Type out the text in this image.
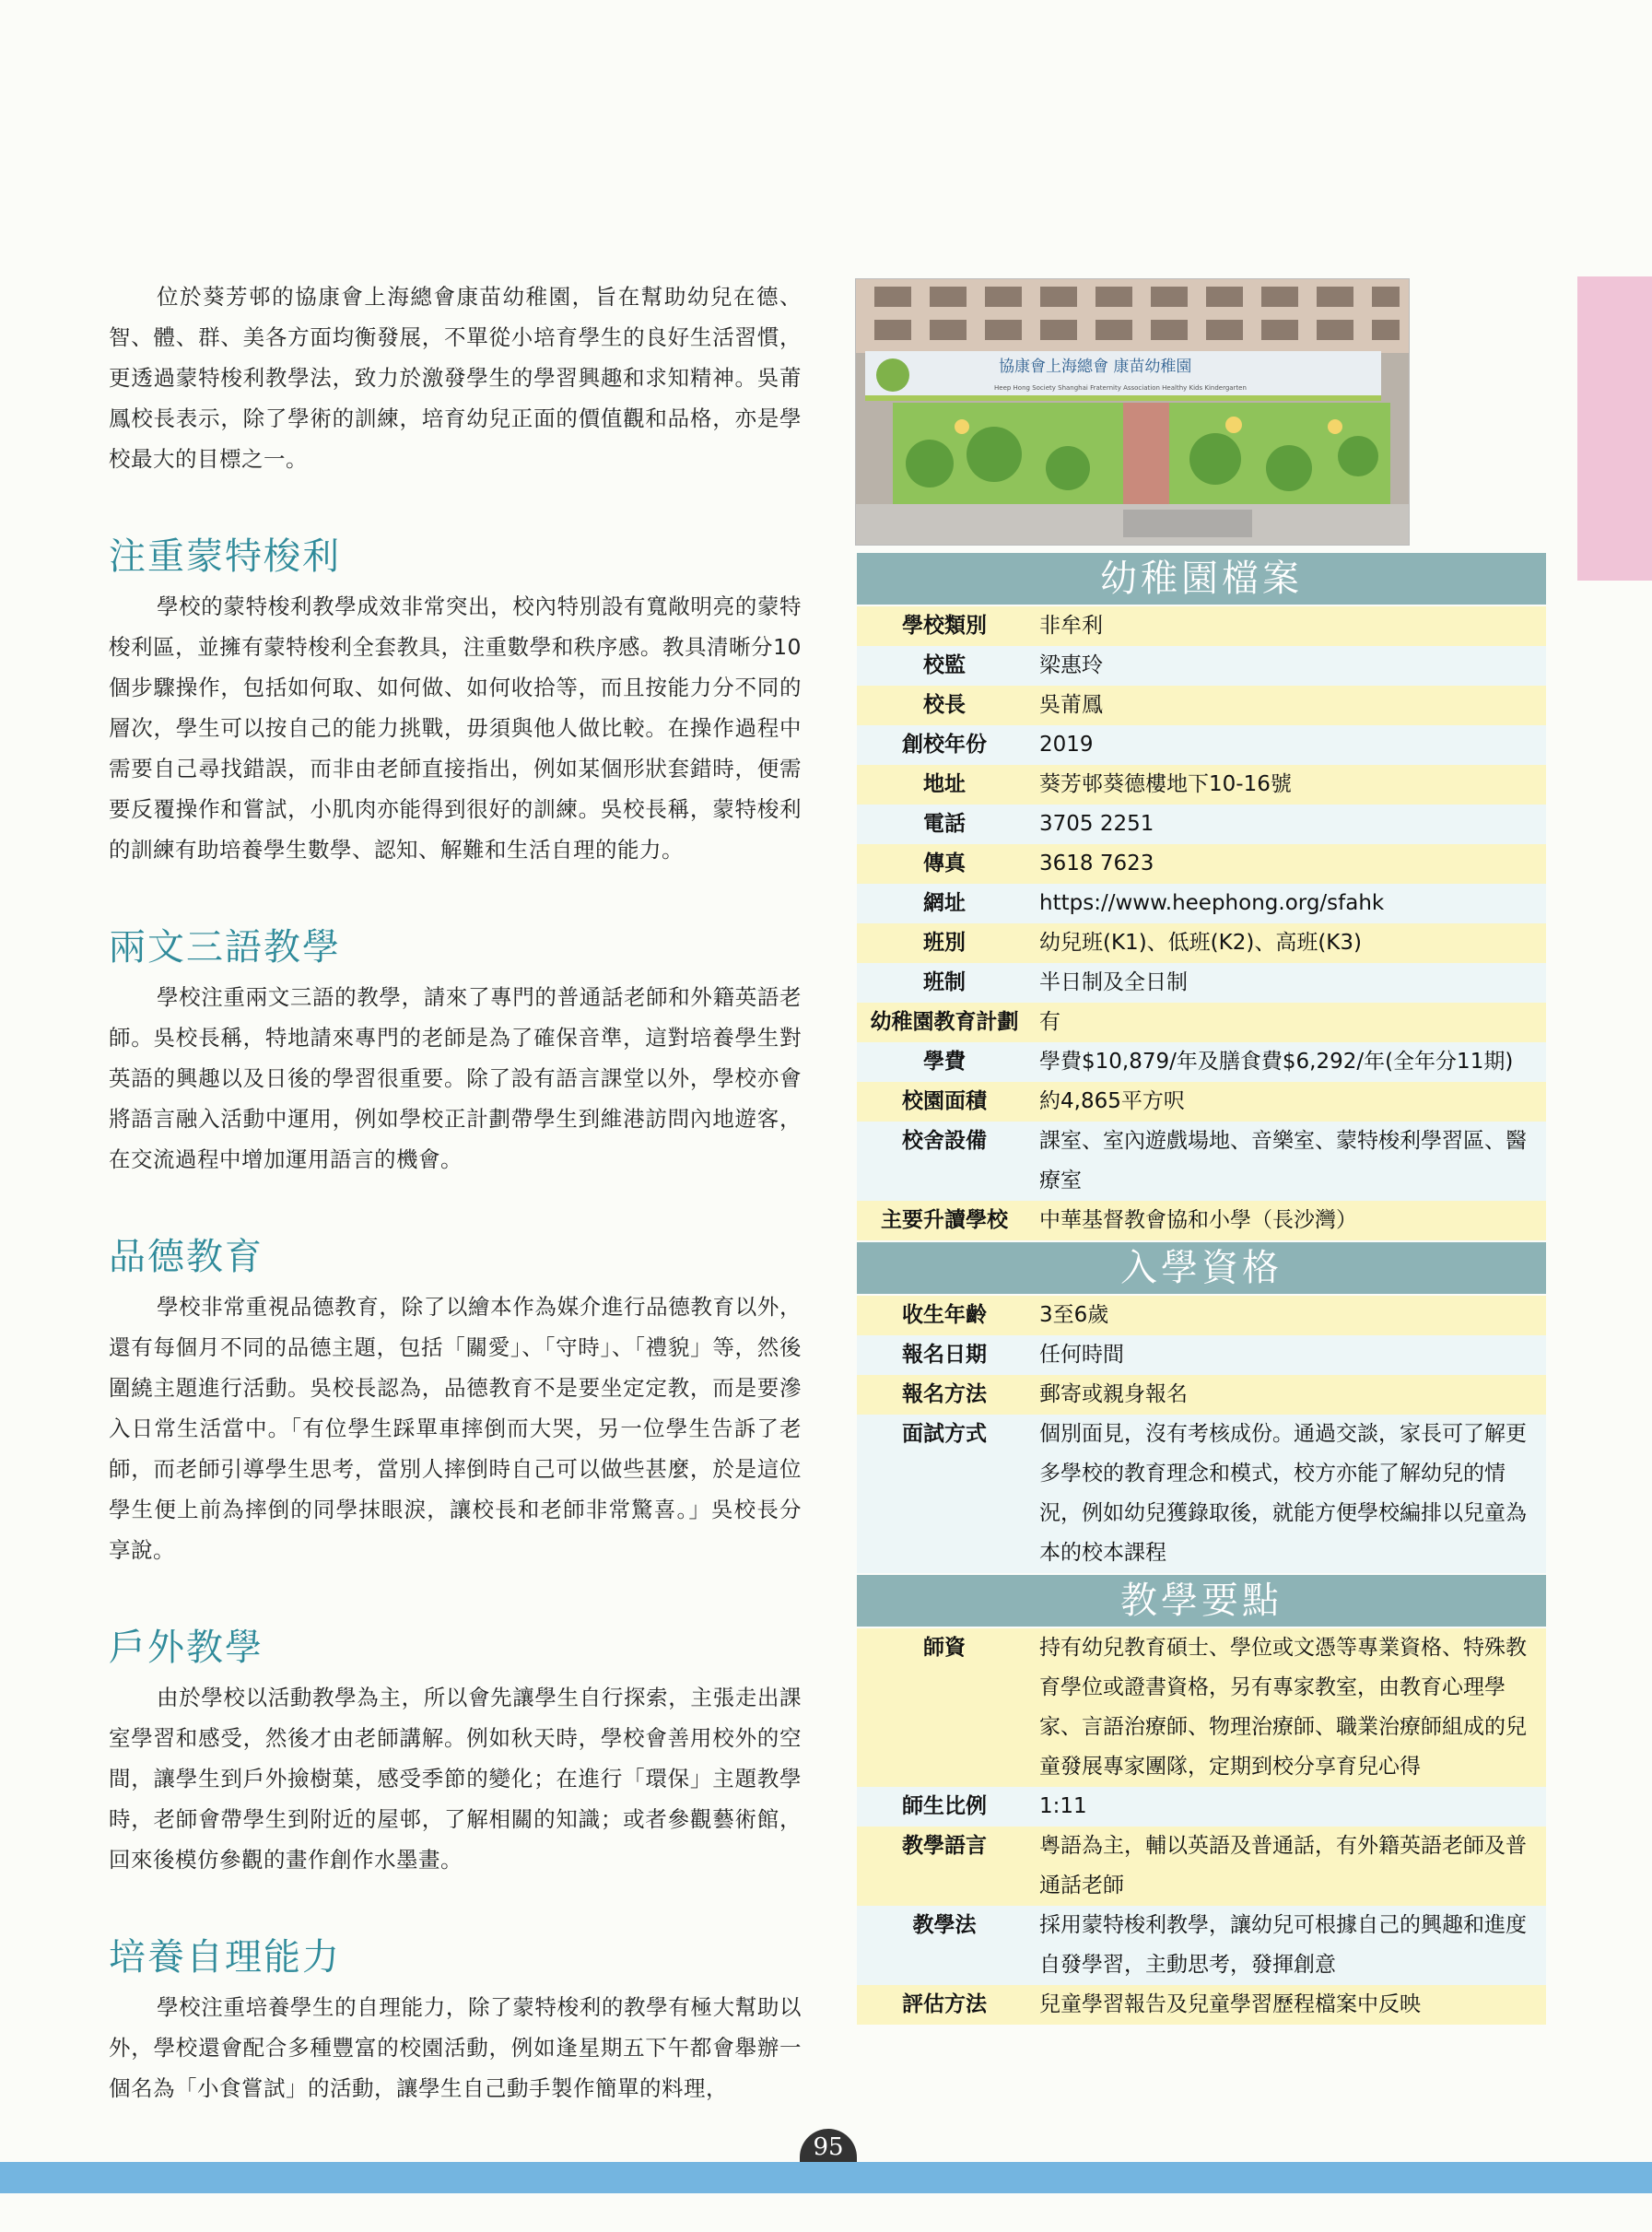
位於葵芳邨的協康會上海總會康苗幼稚園，旨在幫助幼兒在德、智、體、群、美各方面均衡發展，不單從小培育學生的良好生活習慣，更透過蒙特梭利教學法，致力於激發學生的學習興趣和求知精神。吳莆鳳校長表示，除了學術的訓練，培育幼兒正面的價值觀和品格，亦是學校最大的目標之一。

注重蒙特梭利

學校的蒙特梭利教學成效非常突出，校內特別設有寬敞明亮的蒙特梭利區，並擁有蒙特梭利全套教具，注重數學和秩序感。教具清晰分10個步驟操作，包括如何取、如何做、如何收拾等，而且按能力分不同的層次，學生可以按自己的能力挑戰，毋須與他人做比較。在操作過程中需要自己尋找錯誤，而非由老師直接指出，例如某個形狀套錯時，便需要反覆操作和嘗試，小肌肉亦能得到很好的訓練。吳校長稱，蒙特梭利的訓練有助培養學生數學、認知、解難和生活自理的能力。

兩文三語教學

學校注重兩文三語的教學，請來了專門的普通話老師和外籍英語老師。吳校長稱，特地請來專門的老師是為了確保音準，這對培養學生對英語的興趣以及日後的學習很重要。除了設有語言課堂以外，學校亦會將語言融入活動中運用，例如學校正計劃帶學生到維港訪問內地遊客，在交流過程中增加運用語言的機會。

品德教育

學校非常重視品德教育，除了以繪本作為媒介進行品德教育以外，還有每個月不同的品德主題，包括「關愛」、「守時」、「禮貌」等，然後圍繞主題進行活動。吳校長認為，品德教育不是要坐定定教，而是要滲入日常生活當中。「有位學生踩單車摔倒而大哭，另一位學生告訴了老師，而老師引導學生思考，當別人摔倒時自己可以做些甚麼，於是這位學生便上前為摔倒的同學抹眼淚，讓校長和老師非常驚喜。」吳校長分享說。

戶外教學

由於學校以活動教學為主，所以會先讓學生自行探索，主張走出課室學習和感受，然後才由老師講解。例如秋天時，學校會善用校外的空間，讓學生到戶外撿樹葉，感受季節的變化；在進行「環保」主題教學時，老師會帶學生到附近的屋邨，了解相關的知識；或者參觀藝術館，回來後模仿參觀的畫作創作水墨畫。

培養自理能力

學校注重培養學生的自理能力，除了蒙特梭利的教學有極大幫助以外，學校還會配合多種豐富的校園活動，例如逢星期五下午都會舉辦一個名為「小食嘗試」的活動，讓學生自己動手製作簡單的料理，

協康會上海總會 康苗幼稚園
Heep Hong Society Shanghai Fraternity Association Healthy Kids Kindergarten
幼稚園檔案
學校類別	非牟利
校監	梁惠玲
校長	吳莆鳳
創校年份	2019
地址	葵芳邨葵德樓地下10-16號
電話	3705 2251
傳真	3618 7623
網址	https://www.heephong.org/sfahk
班別	幼兒班(K1)、低班(K2)、高班(K3)
班制	半日制及全日制
幼稚園教育計劃 有
學費	學費$10,879/年及膳食費$6,292/年(全年分11期)
校園面積	約4,865平方呎
校舍設備	課室、室內遊戲場地、音樂室、蒙特梭利學習區、醫療室
主要升讀學校	中華基督教會協和小學（長沙灣）
入學資格
收生年齡	3至6歲
報名日期	任何時間
報名方法	郵寄或親身報名
面試方式	個別面見，沒有考核成份。通過交談，家長可了解更多學校的教育理念和模式，校方亦能了解幼兒的情況，例如幼兒獲錄取後，就能方便學校編排以兒童為本的校本課程
教學要點
師資	持有幼兒教育碩士、學位或文憑等專業資格、特殊教育學位或證書資格，另有專家教室，由教育心理學家、言語治療師、物理治療師、職業治療師組成的兒童發展專家團隊，定期到校分享育兒心得
師生比例	1:11
教學語言	粵語為主，輔以英語及普通話，有外籍英語老師及普通話老師
教學法	採用蒙特梭利教學，讓幼兒可根據自己的興趣和進度自發學習，主動思考，發揮創意
評估方法	兒童學習報告及兒童學習歷程檔案中反映
95
